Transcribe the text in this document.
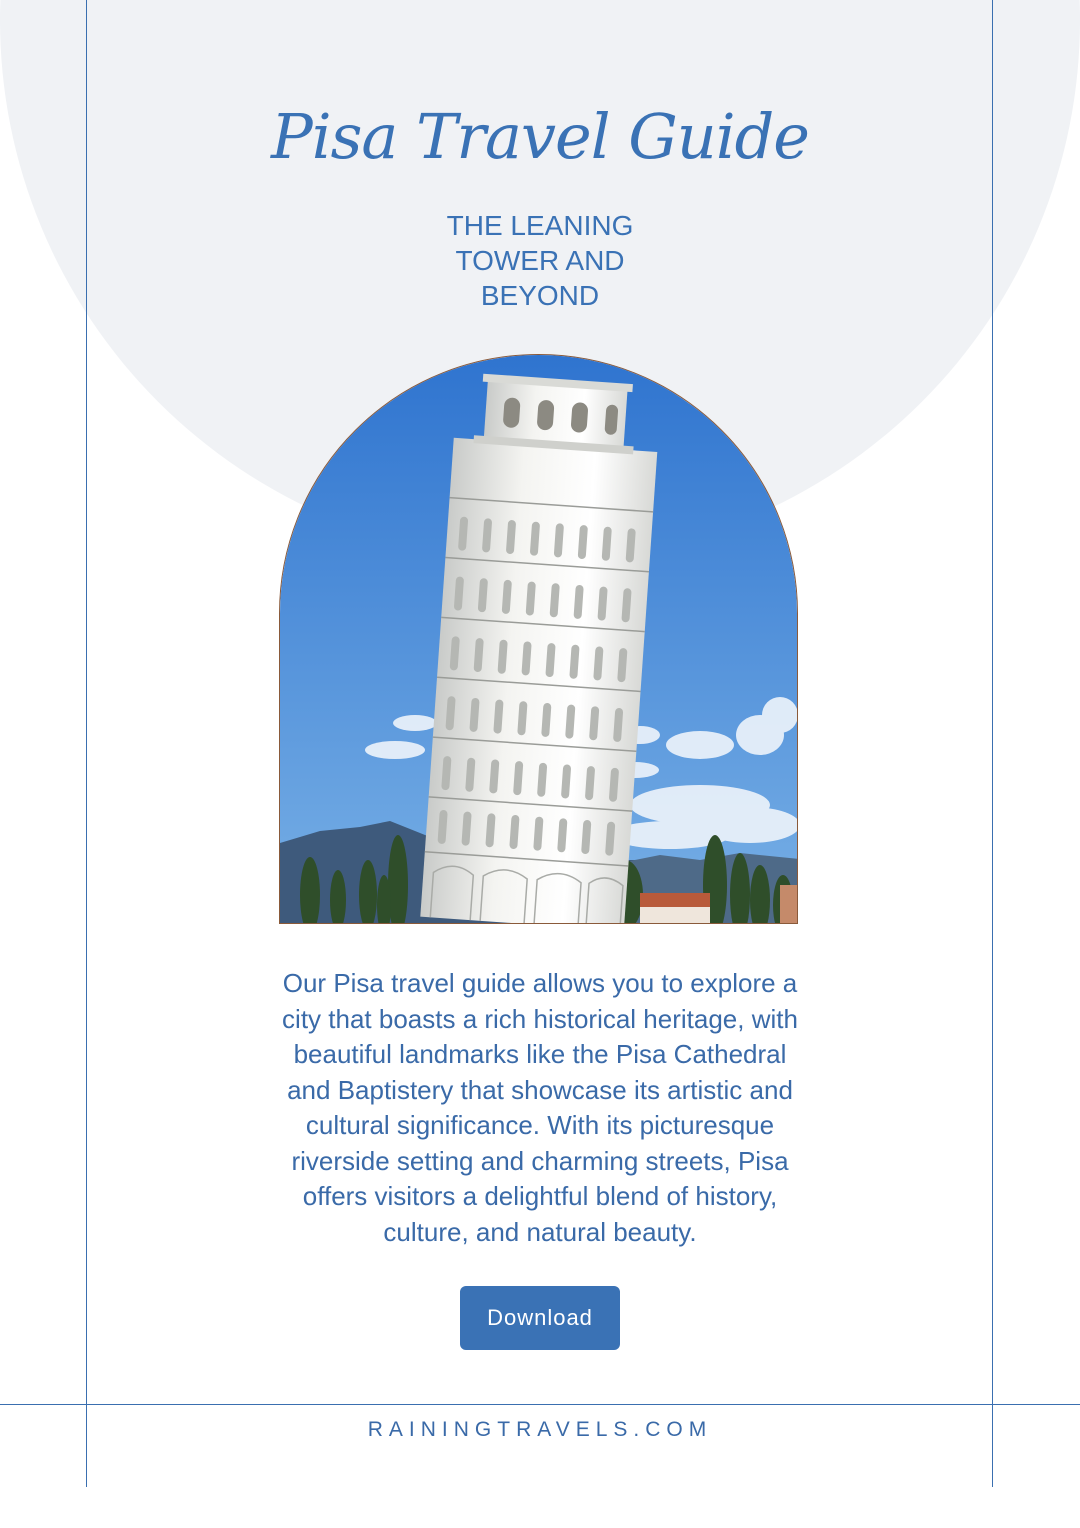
Pisa Travel Guide
THE LEANING
TOWER AND
BEYOND

Our Pisa travel guide allows you to explore a
city that boasts a rich historical heritage, with
beautiful landmarks like the Pisa Cathedral
and Baptistery that showcase its artistic and
cultural significance. With its picturesque
riverside setting and charming streets, Pisa
offers visitors a delightful blend of history,
culture, and natural beauty.

Download
RAININGTRAVELS.COM
